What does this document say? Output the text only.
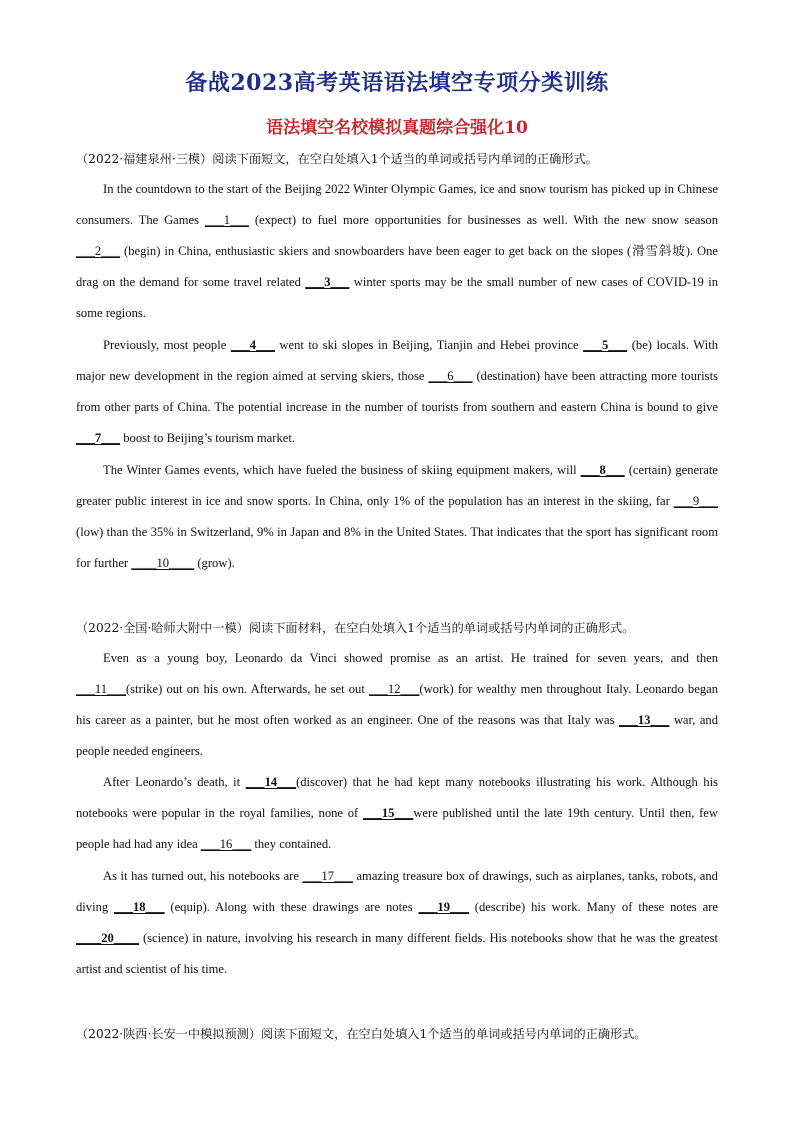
备战2023高考英语语法填空专项分类训练
语法填空名校模拟真题综合强化10
（2022·福建泉州·三模）阅读下面短文，在空白处填入1个适当的单词或括号内单词的正确形式。

In the countdown to the start of the Beijing 2022 Winter Olympic Games, ice and snow tourism has picked up in Chinese consumers. The Games ___1___ (expect) to fuel more opportunities for businesses as well. With the new snow season ___2___ (begin) in China, enthusiastic skiers and snowboarders have been eager to get back on the slopes (滑雪斜坡). One drag on the demand for some travel related ___3___ winter sports may be the small number of new cases of COVID-19 in some regions.

Previously, most people ___4___ went to ski slopes in Beijing, Tianjin and Hebei province ___5___ (be) locals. With major new development in the region aimed at serving skiers, those ___6___ (destination) have been attracting more tourists from other parts of China. The potential increase in the number of tourists from southern and eastern China is bound to give ___7___ boost to Beijing’s tourism market.

The Winter Games events, which have fueled the business of skiing equipment makers, will ___8___ (certain) generate greater public interest in ice and snow sports. In China, only 1% of the population has an interest in the skiing, far ___9___ (low) than the 35% in Switzerland, 9% in Japan and 8% in the United States. That indicates that the sport has significant room for further ____10____ (grow).

（2022·全国·哈师大附中一模）阅读下面材料，在空白处填入1个适当的单词或括号内单词的正确形式。

Even as a young boy, Leonardo da Vinci showed promise as an artist. He trained for seven years, and then ___11___(strike) out on his own. Afterwards, he set out ___12___(work) for wealthy men throughout Italy. Leonardo began his career as a painter, but he most often worked as an engineer. One of the reasons was that Italy was ___13___ war, and people needed engineers.

After Leonardo’s death, it ___14___(discover) that he had kept many notebooks illustrating his work. Although his notebooks were popular in the royal families, none of ___15___were published until the late 19th century. Until then, few people had had any idea ___16___ they contained.

As it has turned out, his notebooks are ___17___ amazing treasure box of drawings, such as airplanes, tanks, robots, and diving ___18___ (equip). Along with these drawings are notes ___19___ (describe) his work. Many of these notes are ____20____ (science) in nature, involving his research in many different fields. His notebooks show that he was the greatest artist and scientist of his time.

（2022·陕西·长安一中模拟预测）阅读下面短文，在空白处填入1个适当的单词或括号内单词的正确形式。
